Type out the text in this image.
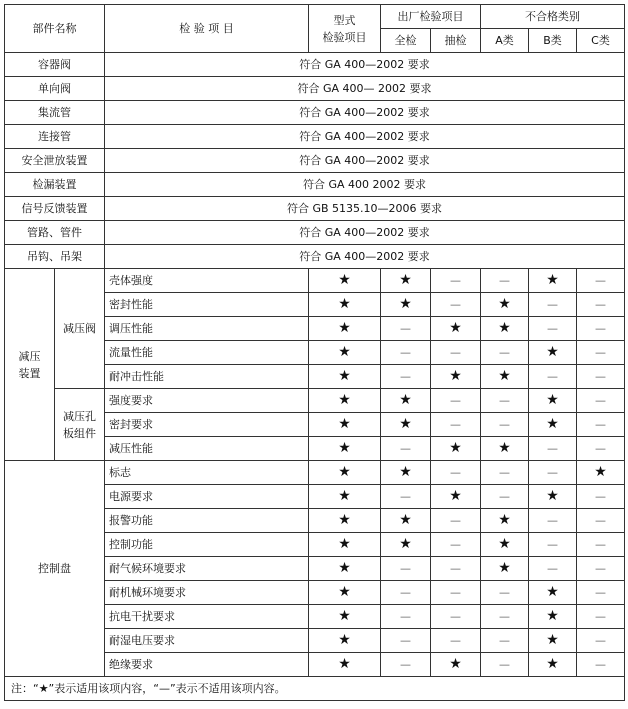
部件名称		检 验 项 目	型式
检验项目	出厂检验项目		不合格类别		
				全检	抽检	A类	B类	C类
容器阀		符合 GA 400—2002 要求						
单向阀		符合 GA 400— 2002 要求						
集流管		符合 GA 400—2002 要求						
连接管		符合 GA 400—2002 要求						
安全泄放装置		符合 GA 400—2002 要求						
检漏装置		符合 GA 400 2002 要求						
信号反馈装置		符合 GB 5135.10—2006 要求						
管路、管件		符合 GA 400—2002 要求						
吊钩、吊架		符合 GA 400—2002 要求						

减压
装置	减压阀	壳体强度	★	★	—	—	★	—
		密封性能	★	★	—	★	—	—
		调压性能	★	—	★	★	—	—
		流量性能	★	—	—	—	★	—
		耐冲击性能	★	—	★	★	—	—

	减压孔
板组件	强度要求	★	★	—	—	★	—
		密封要求	★	★	—	—	★	—
		减压性能	★	—	★	★	—	—
控制盘		标志	★	★	—	—	—	★
		电源要求	★	—	★	—	★	—
		报警功能	★	★	—	★	—	—
		控制功能	★	★	—	★	—	—
		耐气候环境要求	★	—	—	★	—	—
		耐机械环境要求	★	—	—	—	★	—
		抗电干扰要求	★	—	—	—	★	—
		耐湿电压要求	★	—	—	—	★	—
		绝缘要求	★	—	★	—	★	—
注：“★”表示适用该项内容，“—”表示不适用该项内容。								
